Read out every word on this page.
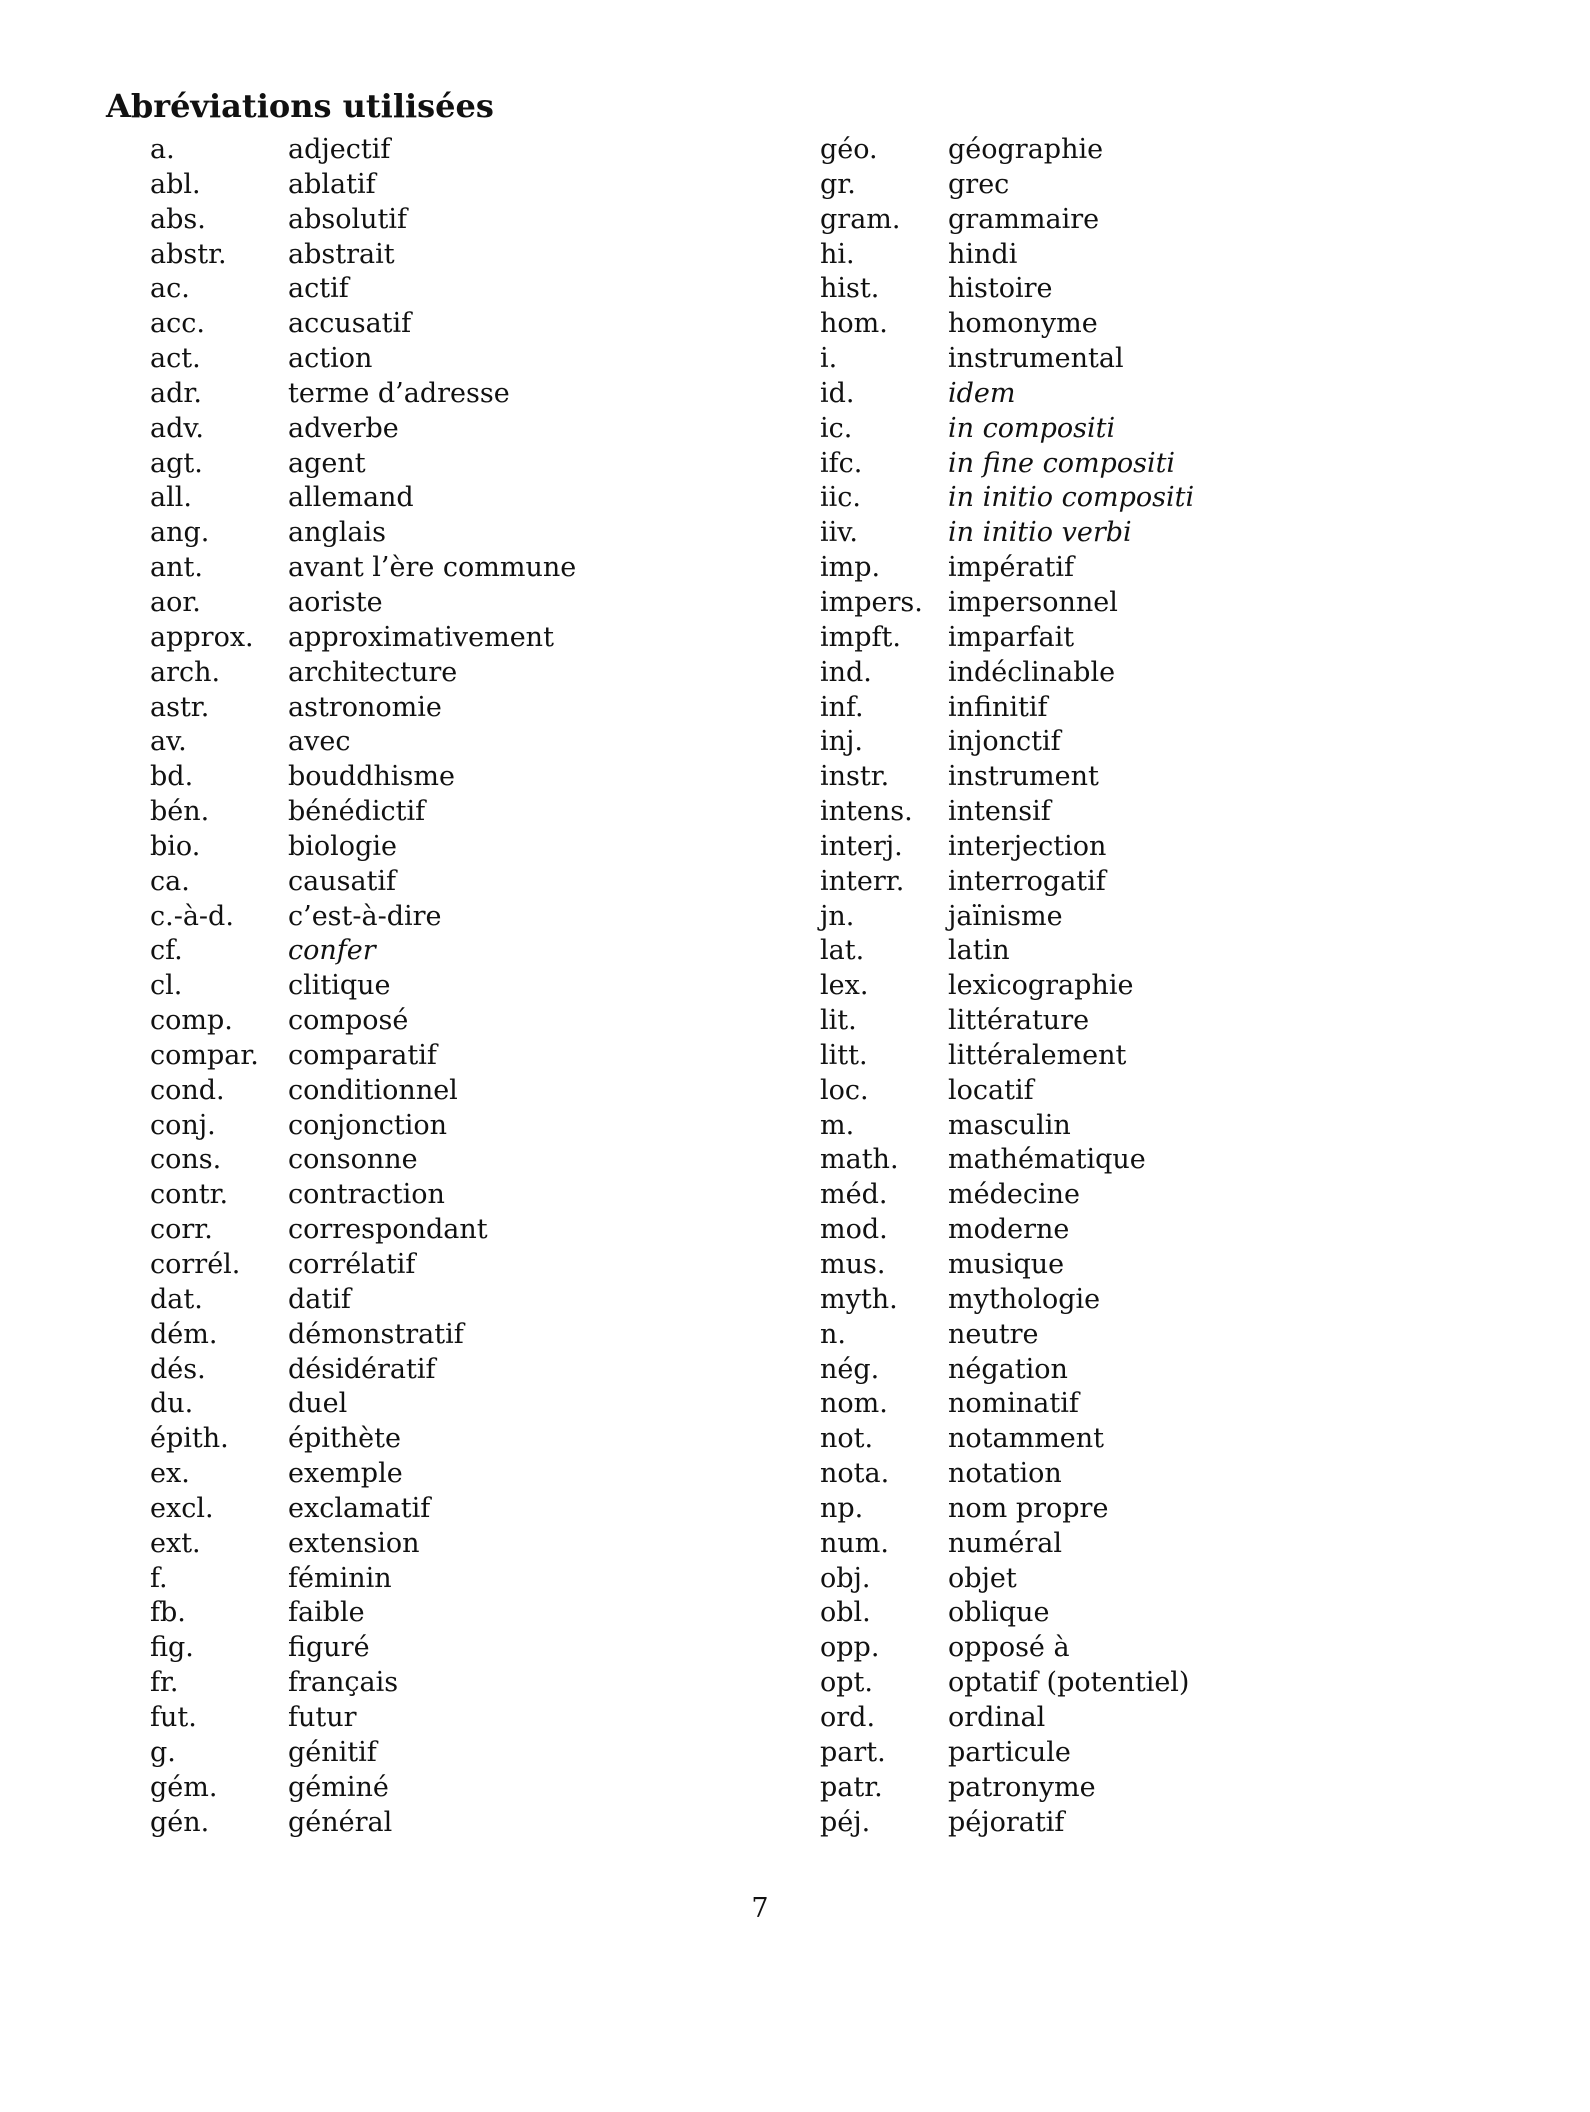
Abréviations utilisées
a.	adjectif
abl.	ablatif
abs.	absolutif
abstr. abstrait
ac.	actif
acc.	accusatif
act.	action
adr.	terme d’adresse
adv.	adverbe
agt.	agent
all.	allemand
ang.	anglais
ant.	avant l’ère commune
aor.	aoriste
approx. approximativement
arch.	architecture
astr.	astronomie
av.	avec
bd.	bouddhisme
bén.	bénédictif
bio.	biologie
ca.	causatif
c.-à-d. c’est-à-dire
cf.	confer
cl.	clitique
comp. composé
compar. comparatif
cond. conditionnel
conj.	conjonction
cons. consonne
contr. contraction
corr.	correspondant
corrél. corrélatif
dat.	datif
dém.	démonstratif
dés.	désidératif
du.	duel
épith. épithète
ex.	exemple
excl.	exclamatif
ext.	extension
f.	féminin
fb.	faible
fig.	figuré
fr.	français
fut.	futur
g.	génitif
gém.	géminé
gén.	général
géo.	géographie
gr.	grec
gram. grammaire
hi.	hindi
hist.	histoire
hom. homonyme
i.	instrumental
id.	idem
ic.	in compositi
ifc.	in fine compositi
iic.	in initio compositi
iiv.	in initio verbi
imp.	impératif
impers. impersonnel
impft. imparfait
ind.	indéclinable
inf.	infinitif
inj.	injonctif
instr. instrument
intens. intensif
interj. interjection
interr. interrogatif
jn.	jaïnisme
lat.	latin
lex.	lexicographie
lit.	littérature
litt.	littéralement
loc.	locatif
m.	masculin
math. mathématique
méd. médecine
mod. moderne
mus. musique
myth. mythologie
n.	neutre
nég.	négation
nom. nominatif
not.	notamment
nota. notation
np.	nom propre
num. numéral
obj.	objet
obl.	oblique
opp.	opposé à
opt.	optatif (potentiel)
ord.	ordinal
part. particule
patr. patronyme
péj.	péjoratif
7
